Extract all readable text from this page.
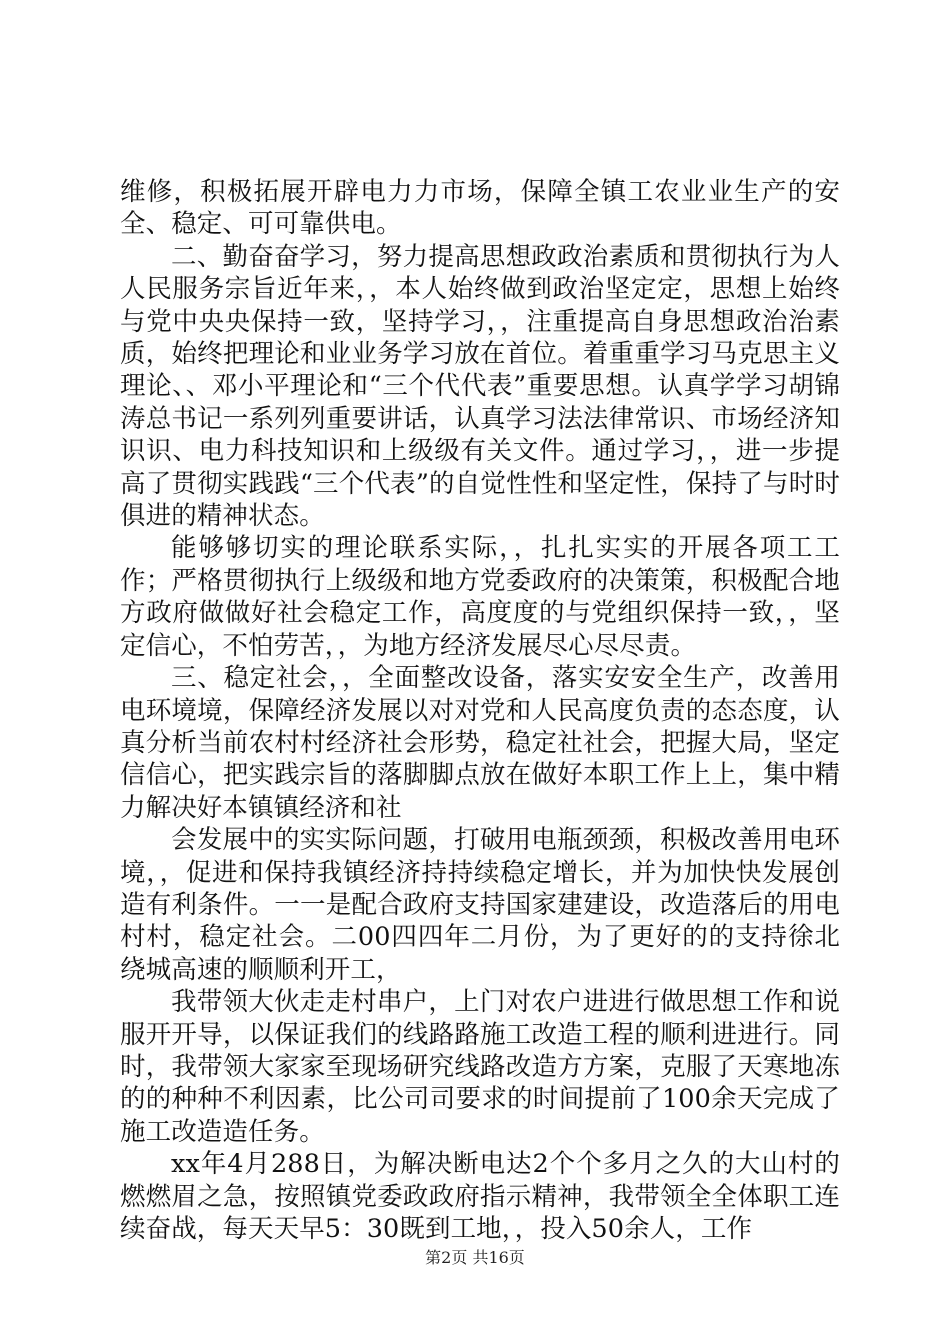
维修，积极拓展开辟电力力市场，保障全镇工农业业生产的安全、稳定、可可靠供电。

二、勤奋奋学习，努力提高思想政政治素质和贯彻执行为人人民服务宗旨近年来，，本人始终做到政治坚定定，思想上始终与党中央央保持一致，坚持学习，，注重提高自身思想政治治素质，始终把理论和业业务学习放在首位。着重重学习马克思主义理论、、邓小平理论和“三个代代表”重要思想。认真学学习胡锦涛总书记一系列列重要讲话，认真学习法法律常识、市场经济知识识、电力科技知识和上级级有关文件。通过学习，，进一步提高了贯彻实践践“三个代表”的自觉性性和坚定性，保持了与时时俱进的精神状态。

能够够切实的理论联系实际，，扎扎实实的开展各项工工作；严格贯彻执行上级级和地方党委政府的决策策，积极配合地方政府做做好社会稳定工作，高度度的与党组织保持一致，，坚定信心，不怕劳苦，，为地方经济发展尽心尽尽责。

三、稳定社会，，全面整改设备，落实安安全生产，改善用电环境境，保障经济发展以对对党和人民高度负责的态态度，认真分析当前农村村经济社会形势，稳定社社会，把握大局，坚定信信心，把实践宗旨的落脚脚点放在做好本职工作上上，集中精力解决好本镇镇经济和社

会发展中的实实际问题，打破用电瓶颈颈，积极改善用电环境，，促进和保持我镇经济持持续稳定增长，并为加快快发展创造有利条件。一一是配合政府支持国家建建设，改造落后的用电村村，稳定社会。二00四四年二月份，为了更好的的支持徐北绕城高速的顺顺利开工，

我带领大伙走走村串户，上门对农户进进行做思想工作和说服开开导，以保证我们的线路路施工改造工程的顺利进进行。同时，我带领大家家至现场研究线路改造方方案，克服了天寒地冻的的种种不利因素，比公司司要求的时间提前了100余天完成了施工改造造任务。

xx年4月288日，为解决断电达2个个多月之久的大山村的燃燃眉之急，按照镇党委政政府指示精神，我带领全全体职工连续奋战，每天天早5：30既到工地，，投入50余人，工作

第2页 共16页
